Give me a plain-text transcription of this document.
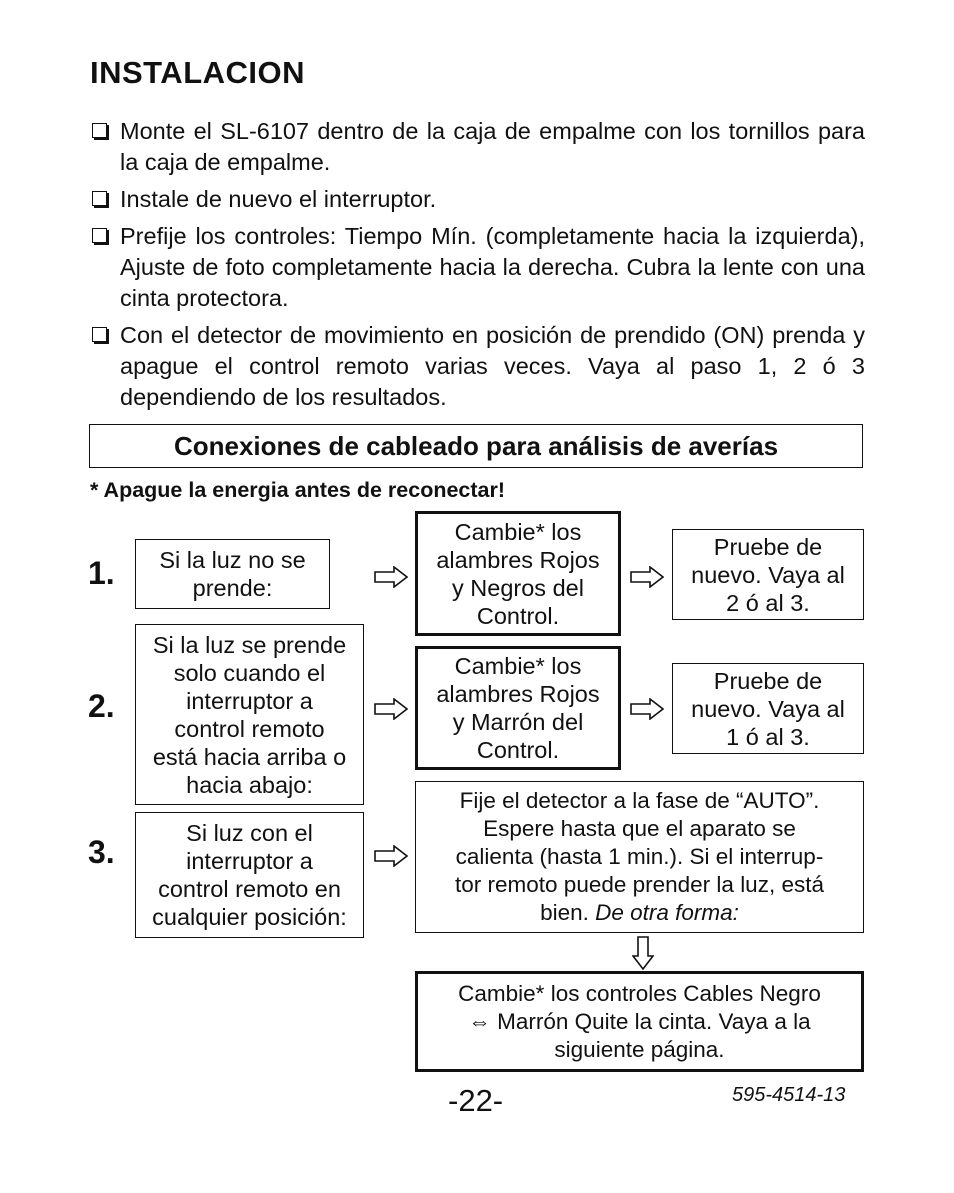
INSTALACION
Monte el SL-6107 dentro de la caja de empalme con los tornillos para la caja de empalme.
Instale de nuevo el interruptor.
Prefije los controles: Tiempo Mín. (completamente hacia la izquierda), Ajuste de foto completamente hacia la derecha. Cubra la lente con una cinta protectora.
Con el detector de movimiento en posición de prendido (ON) prenda y apague el control remoto varias veces. Vaya al paso 1, 2 ó 3 dependiendo de los resultados.
Conexiones de cableado para análisis de averías
* Apague la energia antes de reconectar!
1.	Si la luz no se
prende:
Cambie* los
alambres Rojos
y Negros del
Control.
Pruebe de
nuevo. Vaya al
2 ó al 3.
2.
Si la luz se prende
solo cuando el
interruptor a
control remoto
está hacia arriba o
hacia abajo:
Cambie* los
alambres Rojos
y Marrón del
Control.
Pruebe de
nuevo. Vaya al
1 ó al 3.
3.
Si luz con el
interruptor a
control remoto en
cualquier posición:
Fije el detector a la fase de “AUTO”.
Espere hasta que el aparato se
calienta (hasta 1 min.). Si el interrup-
tor remoto puede prender la luz, está
bien. De otra forma:
Cambie* los controles Cables Negro
⇔ Marrón Quite la cinta. Vaya a la
siguiente página.
-22-	595-4514-13
